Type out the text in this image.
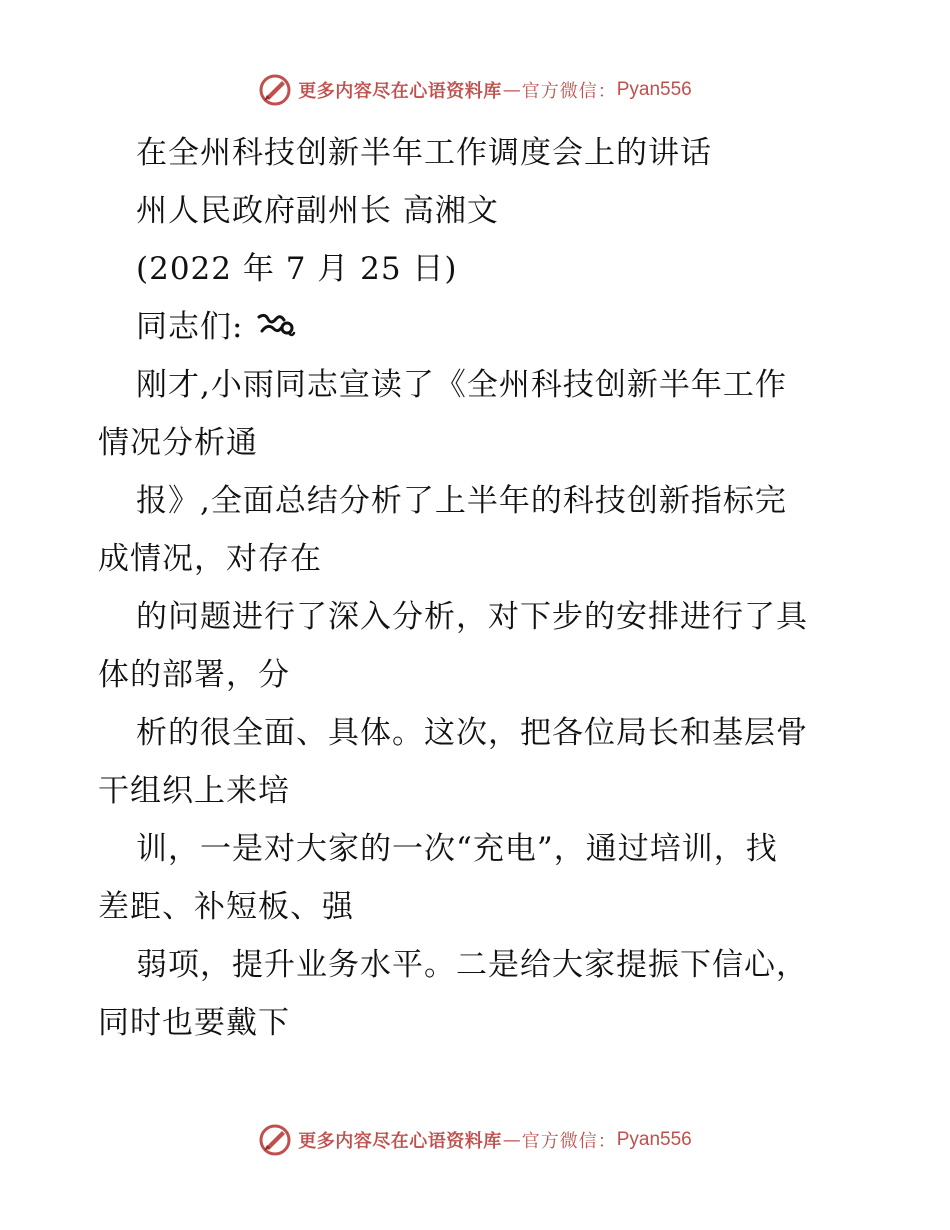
更多内容尽在心语资料库 — 官方微信： Pyan556
在全州科技创新半年工作调度会上的讲话
州人民政府副州长 高湘文
(2022 年 7 月 25 日)
同志们:
刚才,小雨同志宣读了《全州科技创新半年工作
情况分析通
报》,全面总结分析了上半年的科技创新指标完
成情况，对存在
的问题进行了深入分析，对下步的安排进行了具
体的部署，分
析的很全面、具体。这次，把各位局长和基层骨
干组织上来培
训，一是对大家的一次“充电”，通过培训，找
差距、补短板、强
弱项，提升业务水平。二是给大家提振下信心，
同时也要戴下
更多内容尽在心语资料库 — 官方微信： Pyan556
